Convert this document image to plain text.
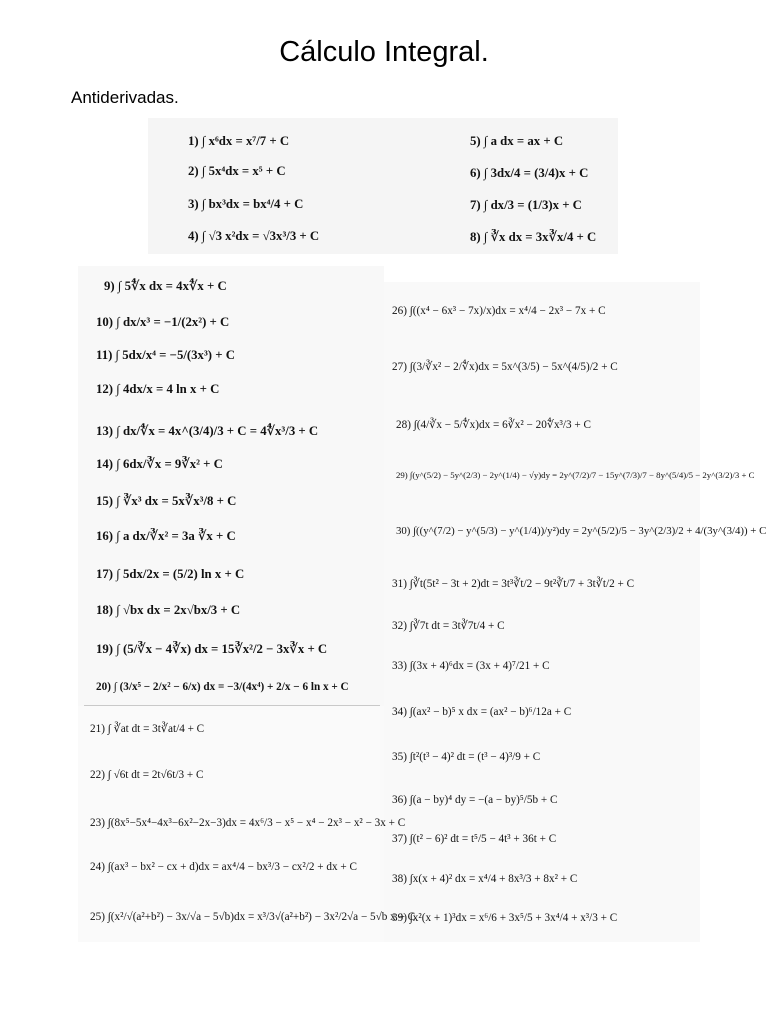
Cálculo Integral.
Antiderivadas.
1) ∫ x⁶dx = x⁷/7 + C
2) ∫ 5x⁴dx = x⁵ + C
3) ∫ bx³dx = bx⁴/4 + C
4) ∫ √3 x²dx = √3x³/3 + C
5) ∫ a dx = ax + C
6) ∫ 3dx/4 = (3/4)x + C
7) ∫ dx/3 = (1/3)x + C
8) ∫ ∛x dx = 3x∛x/4 + C
9) ∫ 5∜x dx = 4x∜x + C
10) ∫ dx/x³ = −1/(2x²) + C
11) ∫ 5dx/x⁴ = −5/(3x³) + C
12) ∫ 4dx/x = 4 ln x + C
13) ∫ dx/∜x = 4x^(3/4)/3 + C = 4∜x³/3 + C
14) ∫ 6dx/∛x = 9∛x² + C
15) ∫ ∛x³ dx = 5x∛x³/8 + C
16) ∫ a dx/∛x² = 3a ∛x + C
17) ∫ 5dx/2x = (5/2) ln x + C
18) ∫ √bx dx = 2x√bx/3 + C
19) ∫ (5/∛x − 4∛x) dx = 15∛x²/2 − 3x∛x + C
20) ∫ (3/x⁵ − 2/x² − 6/x) dx = −3/(4x⁴) + 2/x − 6 ln x + C
21) ∫ ∛at dt = 3t∛at/4 + C
22) ∫ √6t dt = 2t√6t/3 + C
23) ∫(8x⁵−5x⁴−4x³−6x²−2x−3)dx = 4x⁶/3 − x⁵ − x⁴ − 2x³ − x² − 3x + C
24) ∫(ax³ − bx² − cx + d)dx = ax⁴/4 − bx³/3 − cx²/2 + dx + C
25) ∫(x²/√(a²+b²) − 3x/√a − 5√b)dx = x³/3√(a²+b²) − 3x²/2√a − 5√b x + C
26) ∫((x⁴ − 6x³ − 7x)/x)dx = x⁴/4 − 2x³ − 7x + C
27) ∫(3/∛x² − 2/∜x)dx = 5x^(3/5) − 5x^(4/5)/2 + C
28) ∫(4/∛x − 5/∜x)dx = 6∛x² − 20∜x³/3 + C
29) ∫(y^(5/2) − 5y^(2/3) − 2y^(1/4) − √y)dy = 2y^(7/2)/7 − 15y^(7/3)/7 − 8y^(5/4)/5 − 2y^(3/2)/3 + C
30) ∫((y^(7/2) − y^(5/3) − y^(1/4))/y²)dy = 2y^(5/2)/5 − 3y^(2/3)/2 + 4/(3y^(3/4)) + C
31) ∫∛t(5t² − 3t + 2)dt = 3t³∛t/2 − 9t²∛t/7 + 3t∛t/2 + C
32) ∫∛7t dt = 3t∛7t/4 + C
33) ∫(3x + 4)⁶dx = (3x + 4)⁷/21 + C
34) ∫(ax² − b)⁵ x dx = (ax² − b)⁶/12a + C
35) ∫t²(t³ − 4)² dt = (t³ − 4)³/9 + C
36) ∫(a − by)⁴ dy = −(a − by)⁵/5b + C
37) ∫(t² − 6)² dt = t⁵/5 − 4t³ + 36t + C
38) ∫x(x + 4)² dx = x⁴/4 + 8x³/3 + 8x² + C
39) ∫x²(x + 1)³dx = x⁶/6 + 3x⁵/5 + 3x⁴/4 + x³/3 + C
